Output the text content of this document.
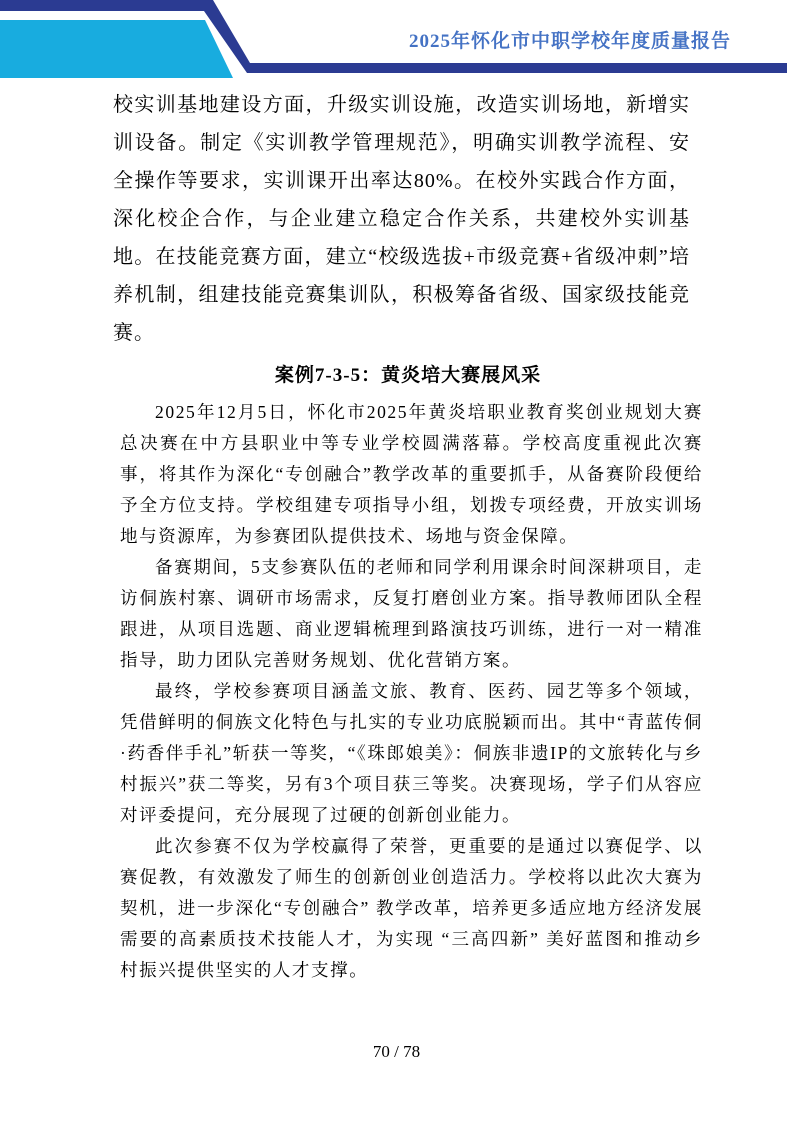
2025年怀化市中职学校年度质量报告

校实训基地建设方面，升级实训设施，改造实训场地，新增实训设备。制定《实训教学管理规范》，明确实训教学流程、安全操作等要求，实训课开出率达80%。在校外实践合作方面，深化校企合作，与企业建立稳定合作关系，共建校外实训基地。在技能竞赛方面，建立“校级选拔+市级竞赛+省级冲刺”培养机制，组建技能竞赛集训队，积极筹备省级、国家级技能竞赛。

案例7-3-5：黄炎培大赛展风采

2025年12月5日，怀化市2025年黄炎培职业教育奖创业规划大赛总决赛在中方县职业中等专业学校圆满落幕。学校高度重视此次赛事，将其作为深化“专创融合”教学改革的重要抓手，从备赛阶段便给予全方位支持。学校组建专项指导小组，划拨专项经费，开放实训场地与资源库，为参赛团队提供技术、场地与资金保障。

备赛期间，5支参赛队伍的老师和同学利用课余时间深耕项目，走访侗族村寨、调研市场需求，反复打磨创业方案。指导教师团队全程跟进，从项目选题、商业逻辑梳理到路演技巧训练，进行一对一精准指导，助力团队完善财务规划、优化营销方案。

最终，学校参赛项目涵盖文旅、教育、医药、园艺等多个领域，凭借鲜明的侗族文化特色与扎实的专业功底脱颖而出。其中“青蓝传侗·药香伴手礼”斩获一等奖，“《珠郎娘美》：侗族非遗IP的文旅转化与乡村振兴”获二等奖，另有3个项目获三等奖。决赛现场，学子们从容应对评委提问，充分展现了过硬的创新创业能力。

此次参赛不仅为学校赢得了荣誉，更重要的是通过以赛促学、以赛促教，有效激发了师生的创新创业创造活力。学校将以此次大赛为契机，进一步深化“专创融合” 教学改革，培养更多适应地方经济发展需要的高素质技术技能人才，为实现 “三高四新” 美好蓝图和推动乡村振兴提供坚实的人才支撑。

70 / 78
